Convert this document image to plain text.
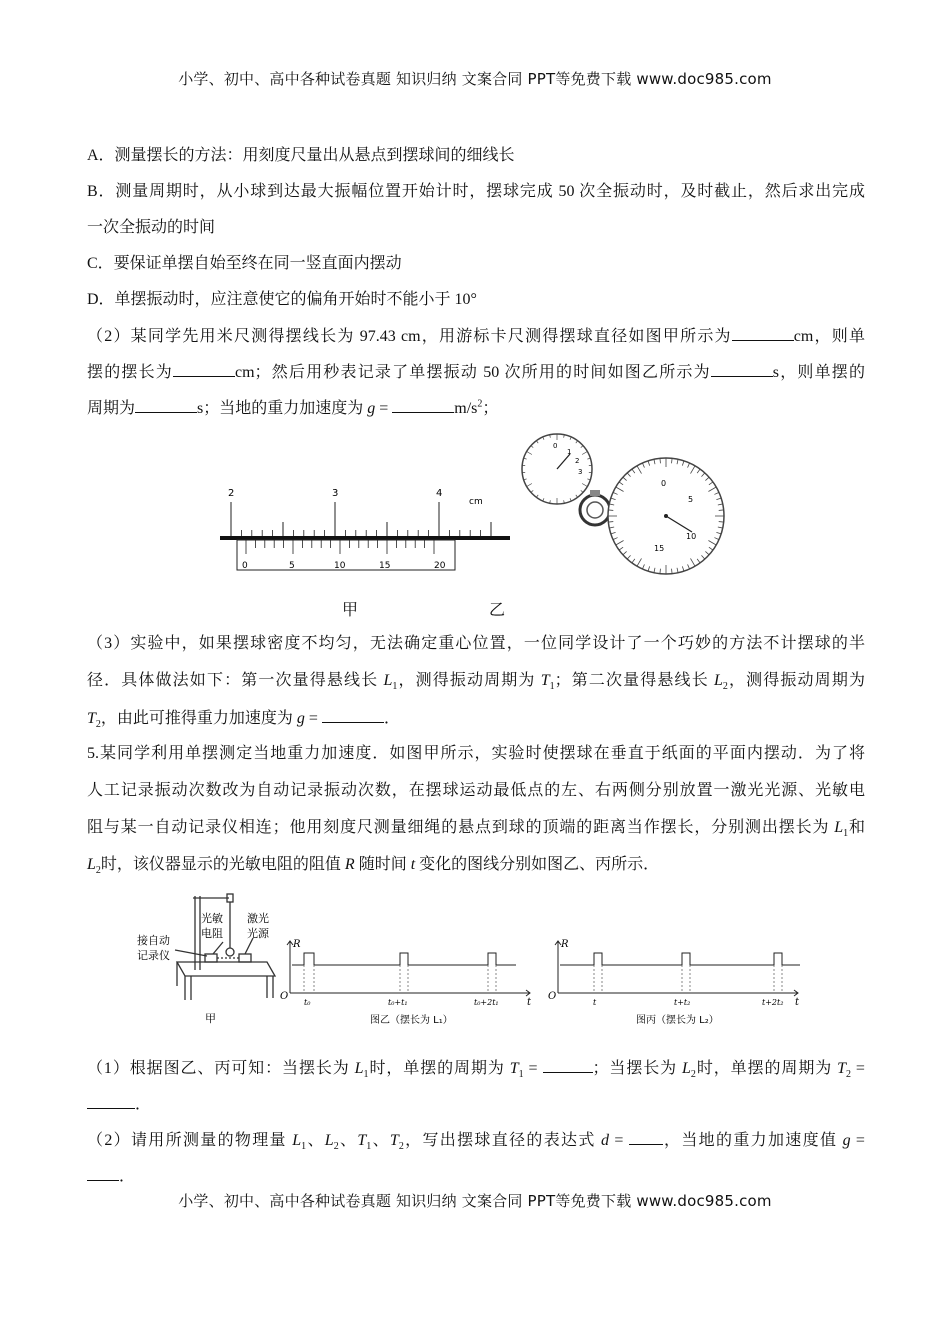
小学、初中、高中各种试卷真题 知识归纳 文案合同 PPT等免费下载 www.doc985.com
A．测量摆长的方法：用刻度尺量出从悬点到摆球间的细线长
B．测量周期时，从小球到达最大振幅位置开始计时，摆球完成 50 次全振动时，及时截止，然后求出完成
一次全振动的时间
C．要保证单摆自始至终在同一竖直面内摆动
D．单摆振动时，应注意使它的偏角开始时不能小于 10°
（2）某同学先用米尺测得摆线长为 97.43 cm，用游标卡尺测得摆球直径如图甲所示为	cm，则单
摆的摆长为	cm；然后用秒表记录了单摆振动 50 次所用的时间如图乙所示为	s，则单摆的
周期为	s；当地的重力加速度为 g =	$m/s^2$；
2	3	4
cm
0	5	10	15	20
0
1
2
3
0
5
10
15
甲	乙
（3）实验中，如果摆球密度不均匀，无法确定重心位置，一位同学设计了一个巧妙的方法不计摆球的半
径．具体做法如下：第一次量得悬线长 $L_1$，测得振动周期为 $T_1$；第二次量得悬线长 $L_2$，测得振动周期为
$T_2$，由此可推得重力加速度为 g =	．
5.某同学利用单摆测定当地重力加速度．如图甲所示，实验时使摆球在垂直于纸面的平面内摆动．为了将
人工记录振动次数改为自动记录振动次数，在摆球运动最低点的左、右两侧分别放置一激光光源、光敏电
阻与某一自动记录仪相连；他用刻度尺测量细绳的悬点到球的顶端的距离当作摆长，分别测出摆长为 $L_1$和
$L_2$时，该仪器显示的光敏电阻的阻值 R 随时间 t 变化的图线分别如图乙、丙所示．
接自动
记录仪
光敏
电阻
激光
光源
甲
R
O
t
t₀	t₀+t₁	t₀+2t₁
图乙（摆长为 L₁）
R
O
t
t	t+t₂	t+2t₂
图丙（摆长为 L₂）
（1）根据图乙、丙可知：当摆长为 $L_1$时，单摆的周期为 $T_1$ =	；当摆长为 $L_2$时，单摆的周期为 $T_2$ =
．
（2）请用所测量的物理量 $L_1$、$L_2$、$T_1$、$T_2$，写出摆球直径的表达式 d = ，当地的重力加速度值 g =
．
小学、初中、高中各种试卷真题 知识归纳 文案合同 PPT等免费下载 www.doc985.com
